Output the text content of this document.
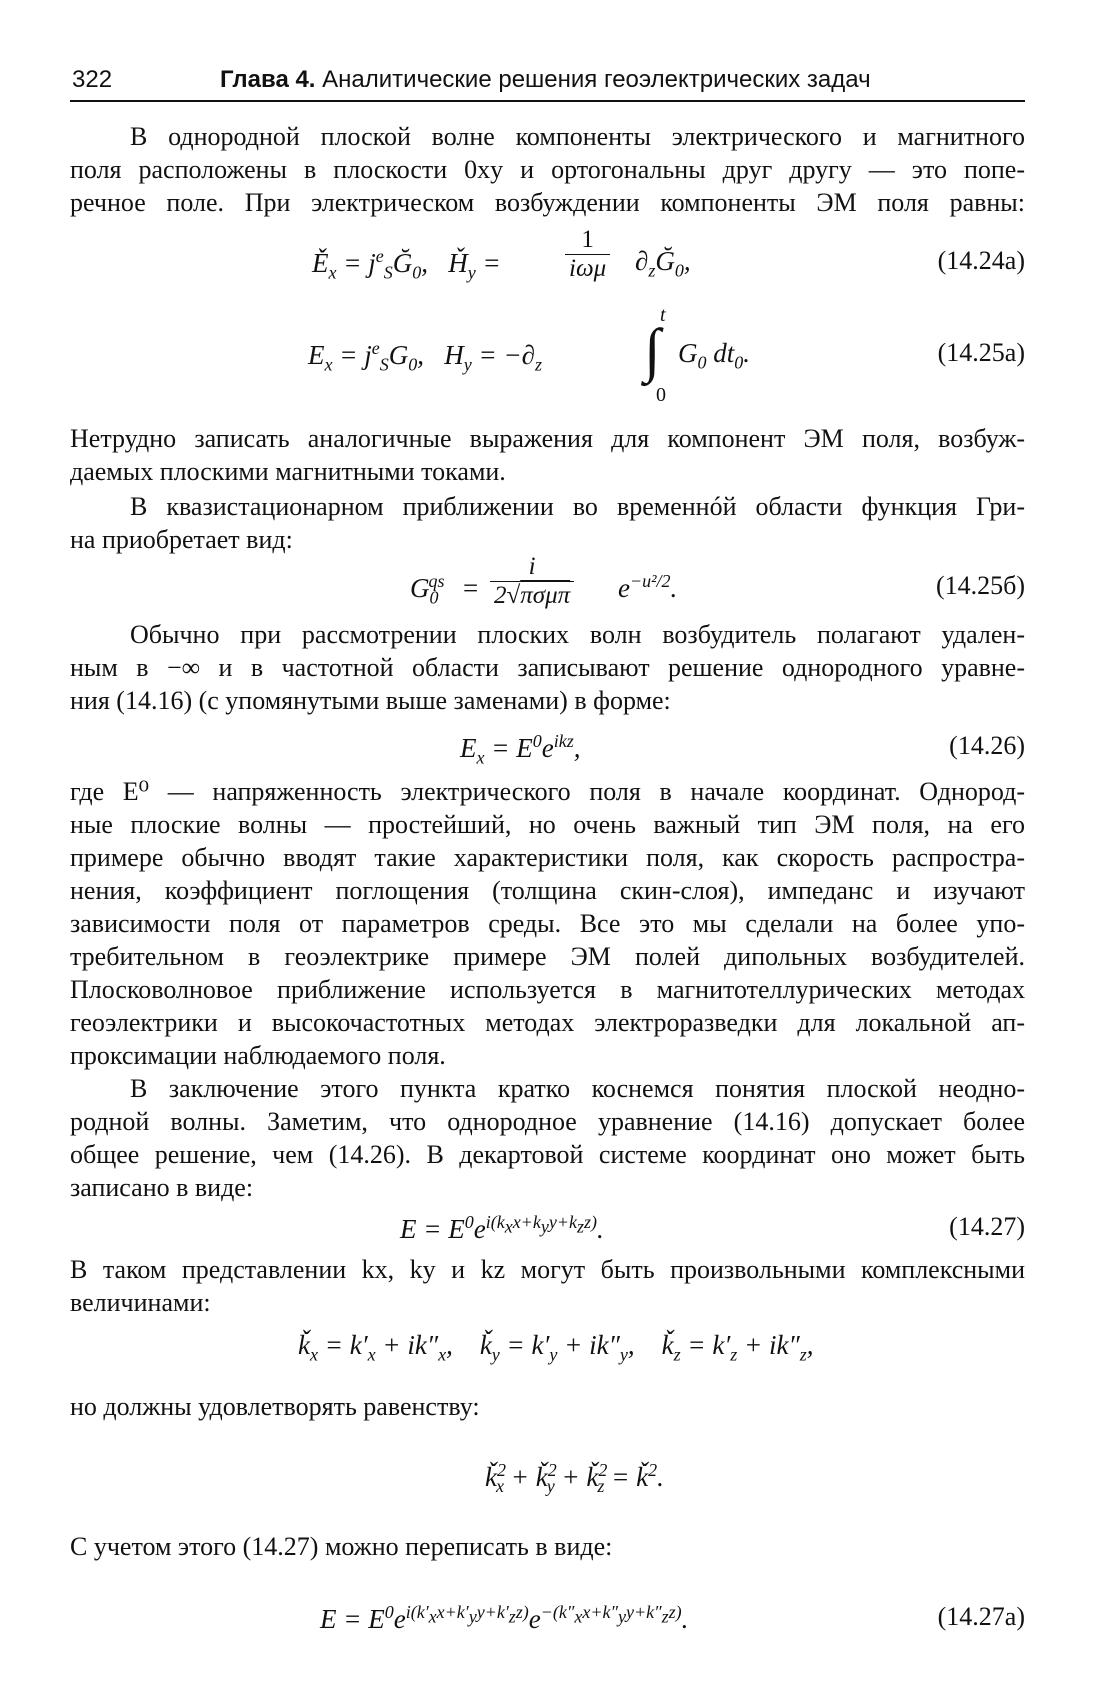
322	Глава 4. Аналитические решения геоэлектрических задач
В однородной плоской волне компоненты электрического и магнитного
поля расположены в плоскости 0xy и ортогональны друг другу — это попе-
речное поле. При электрическом возбуждении компоненты ЭМ поля равны:
$Ě_x$ = $j^e_SĞ_0$,   $Ȟ_y$ =
1
iωμ $\partial_zĞ_0$,	(14.24a)
t
$E_x = j^e_SG_0$,   $H_y = -\partial_z$ ∫ $G_0$ $dt_0$.
0
(14.25a)
Нетрудно записать аналогичные выражения для компонент ЭМ поля, возбуж-
даемых плоскими магнитными токами.
В квазистационарном приближении во временнóй области функция Гри-
на приобретает вид:
$G_0^{qs}$ =
i
2√πσμπ $e^{-u^2/2}$.	(14.25б)
Обычно при рассмотрении плоских волн возбудитель полагают удален-
ным в −∞ и в частотной области записывают решение однородного уравне-
ния (14.16) (с упомянутыми выше заменами) в форме:
$E_x = E^0e^{ikz}$,	(14.26)
где E⁰ — напряженность электрического поля в начале координат. Однород-
ные плоские волны — простейший, но очень важный тип ЭМ поля, на его
примере обычно вводят такие характеристики поля, как скорость распростра-
нения, коэффициент поглощения (толщина скин-слоя), импеданс и изучают
зависимости поля от параметров среды. Все это мы сделали на более упо-
требительном в геоэлектрике примере ЭМ полей дипольных возбудителей.
Плосковолновое приближение используется в магнитотеллурических методах
геоэлектрики и высокочастотных методах электроразведки для локальной ап-
проксимации наблюдаемого поля.
В заключение этого пункта кратко коснемся понятия плоской неодно-
родной волны. Заметим, что однородное уравнение (14.16) допускает более
общее решение, чем (14.26). В декартовой системе координат оно может быть
записано в виде:
$E = E^0e^{i(k_xx+k_yy+k_zz)}$.	(14.27)
В таком представлении kx, ky и kz могут быть произвольными комплексными
величинами:
$ǩ_x = k'_x + ik''_x$,    $ǩ_y = k'_y + ik''_y$,    $ǩ_z = k'_z + ik''_z$,
но должны удовлетворять равенству:
$ǩ^2_x$ + $ǩ^2_y$ + $ǩ^2_z$ = $ǩ^2$.
С учетом этого (14.27) можно переписать в виде:
$E = E^0e^{i(k'_xx+k'_yy+k'_zz)}e^{-(k''_xx+k''_yy+k''_zz)}$.	(14.27a)
